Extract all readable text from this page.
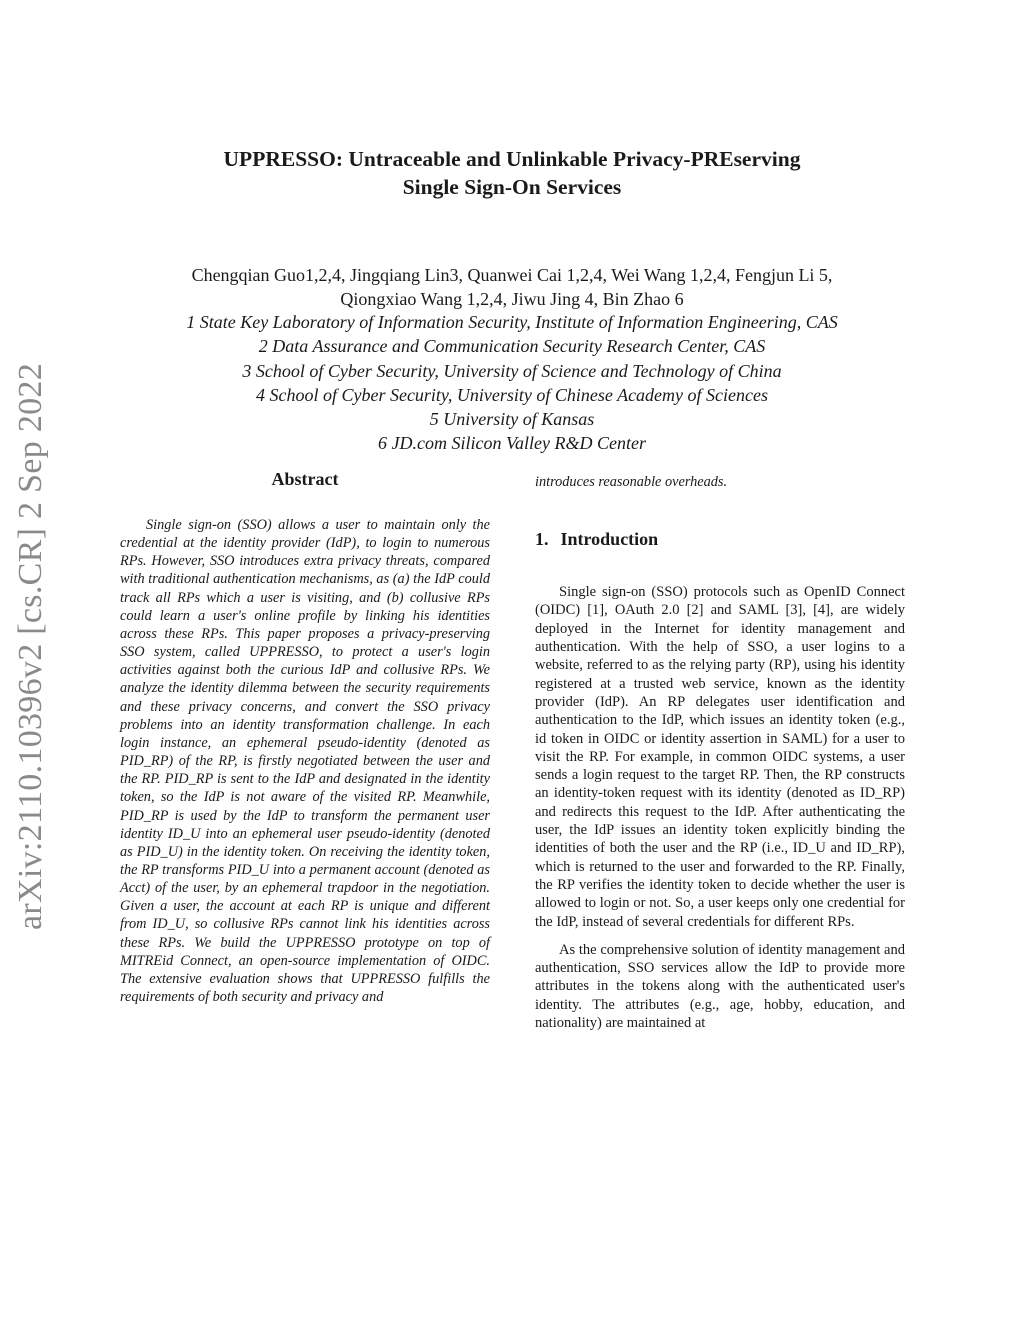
UPPRESSO: Untraceable and Unlinkable Privacy-PREserving
Single Sign-On Services
Chengqian Guo1,2,4, Jingqiang Lin3, Quanwei Cai 1,2,4, Wei Wang 1,2,4, Fengjun Li 5,
Qiongxiao Wang 1,2,4, Jiwu Jing 4, Bin Zhao 6
1 State Key Laboratory of Information Security, Institute of Information Engineering, CAS
2 Data Assurance and Communication Security Research Center, CAS
3 School of Cyber Security, University of Science and Technology of China
4 School of Cyber Security, University of Chinese Academy of Sciences
5 University of Kansas
6 JD.com Silicon Valley R&D Center
arXiv:2110.10396v2 [cs.CR] 2 Sep 2022	Abstract

Single sign-on (SSO) allows a user to maintain only the credential at the identity provider (IdP), to login to numerous RPs. However, SSO introduces extra privacy threats, compared with traditional authentication mechanisms, as (a) the IdP could track all RPs which a user is visiting, and (b) collusive RPs could learn a user's online profile by linking his identities across these RPs. This paper proposes a privacy-preserving SSO system, called UPPRESSO, to protect a user's login activities against both the curious IdP and collusive RPs. We analyze the identity dilemma between the security requirements and these privacy concerns, and convert the SSO privacy problems into an identity transformation challenge. In each login instance, an ephemeral pseudo-identity (denoted as PID_RP) of the RP, is firstly negotiated between the user and the RP. PID_RP is sent to the IdP and designated in the identity token, so the IdP is not aware of the visited RP. Meanwhile, PID_RP is used by the IdP to transform the permanent user identity ID_U into an ephemeral user pseudo-identity (denoted as PID_U) in the identity token. On receiving the identity token, the RP transforms PID_U into a permanent account (denoted as Acct) of the user, by an ephemeral trapdoor in the negotiation. Given a user, the account at each RP is unique and different from ID_U, so collusive RPs cannot link his identities across these RPs. We build the UPPRESSO prototype on top of MITREid Connect, an open-source implementation of OIDC. The extensive evaluation shows that UPPRESSO fulfills the requirements of both security and privacy and

introduces reasonable overheads.
1. Introduction

Single sign-on (SSO) protocols such as OpenID Connect (OIDC) [1], OAuth 2.0 [2] and SAML [3], [4], are widely deployed in the Internet for identity management and authentication. With the help of SSO, a user logins to a website, referred to as the relying party (RP), using his identity registered at a trusted web service, known as the identity provider (IdP). An RP delegates user identification and authentication to the IdP, which issues an identity token (e.g., id token in OIDC or identity assertion in SAML) for a user to visit the RP. For example, in common OIDC systems, a user sends a login request to the target RP. Then, the RP constructs an identity-token request with its identity (denoted as ID_RP) and redirects this request to the IdP. After authenticating the user, the IdP issues an identity token explicitly binding the identities of both the user and the RP (i.e., ID_U and ID_RP), which is returned to the user and forwarded to the RP. Finally, the RP verifies the identity token to decide whether the user is allowed to login or not. So, a user keeps only one credential for the IdP, instead of several credentials for different RPs.

As the comprehensive solution of identity management and authentication, SSO services allow the IdP to provide more attributes in the tokens along with the authenticated user's identity. The attributes (e.g., age, hobby, education, and nationality) are maintained at
